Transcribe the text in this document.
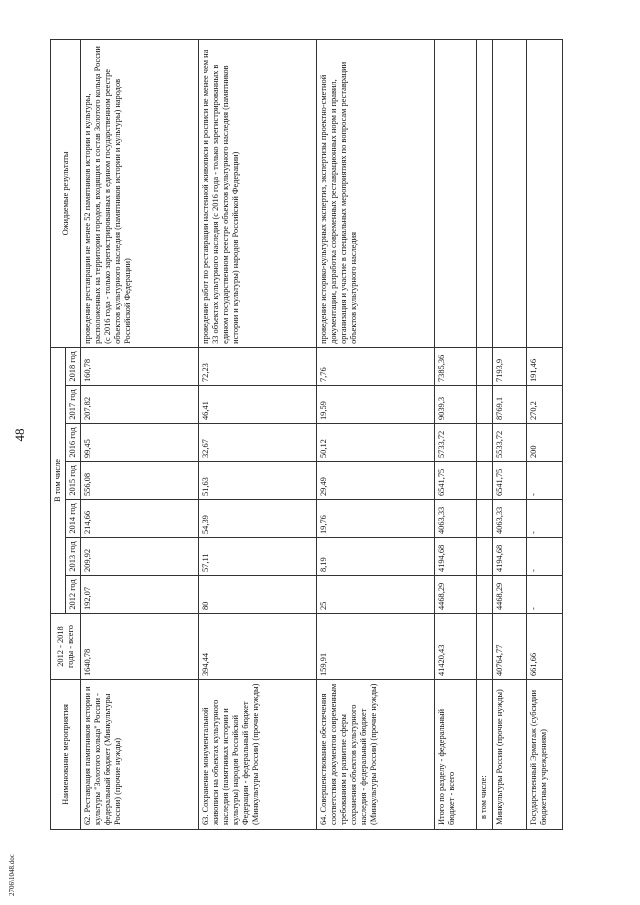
48
Наименование мероприятия	2012 - 2018 годы - всего	В том числе							Ожидаемые результаты
		2012 год	2013 год	2014 год	2015 год	2016 год	2017 год	2018 год	
62. Реставрация памятников истории и культуры "Золотого кольца" России - федеральный бюджет (Минкультуры России) (прочие нужды)	1640,78	192,07	209,92	214,66	556,08	99,45	207,82	160,78	проведение реставрации не менее 52 памятников истории и культуры, расположенных на территории городов, входящих в состав Золотого кольца России (с 2016 года - только зарегистрированных в едином государственном реестре объектов культурного наследия (памятников истории и культуры) народов Российской Федерации)
63. Сохранение монументальной живописи на объектах культурного наследия (памятниках истории и культуры) народов Российской Федерации - федеральный бюджет (Минкультуры России) (прочие нужды)	394,44	80	57,11	54,39	51,63	32,67	46,41	72,23	проведение работ по реставрации настенной живописи и росписи не менее чем на 33 объектах культурного наследия (с 2016 года - только зарегистрированных в едином государственном реестре объектов культурного наследия (памятников истории и культуры) народов Российской Федерации)
64. Совершенствование обеспечения соответствия документов современным требованиям и развитие сферы сохранения объектов культурного наследия - федеральный бюджет (Минкультуры России) (прочие нужды)	159,91	25	8,19	19,76	29,49	50,12	19,59	7,76	проведение историко-культурных экспертиз, экспертизы проектно-сметной документации, разработка современных реставрационных норм и правил, организация и участие в специальных мероприятиях по вопросам реставрации объектов культурного наследия
Итого по разделу - федеральный бюджет - всего	41420,43	4468,29	4194,68	4063,33	6541,75	5733,72	9039,3	7385,36	
в том числе:									
Минкультуры России (прочие нужды)	40764,77	4468,29	4194,68	4063,33	6541,75	5533,72	8769,1	7193,9	
Государственный Эрмитаж (субсидии бюджетным учреждениям)	661,66	-	-	-	-	200	270,2	191,46	
2706\1048.doc
